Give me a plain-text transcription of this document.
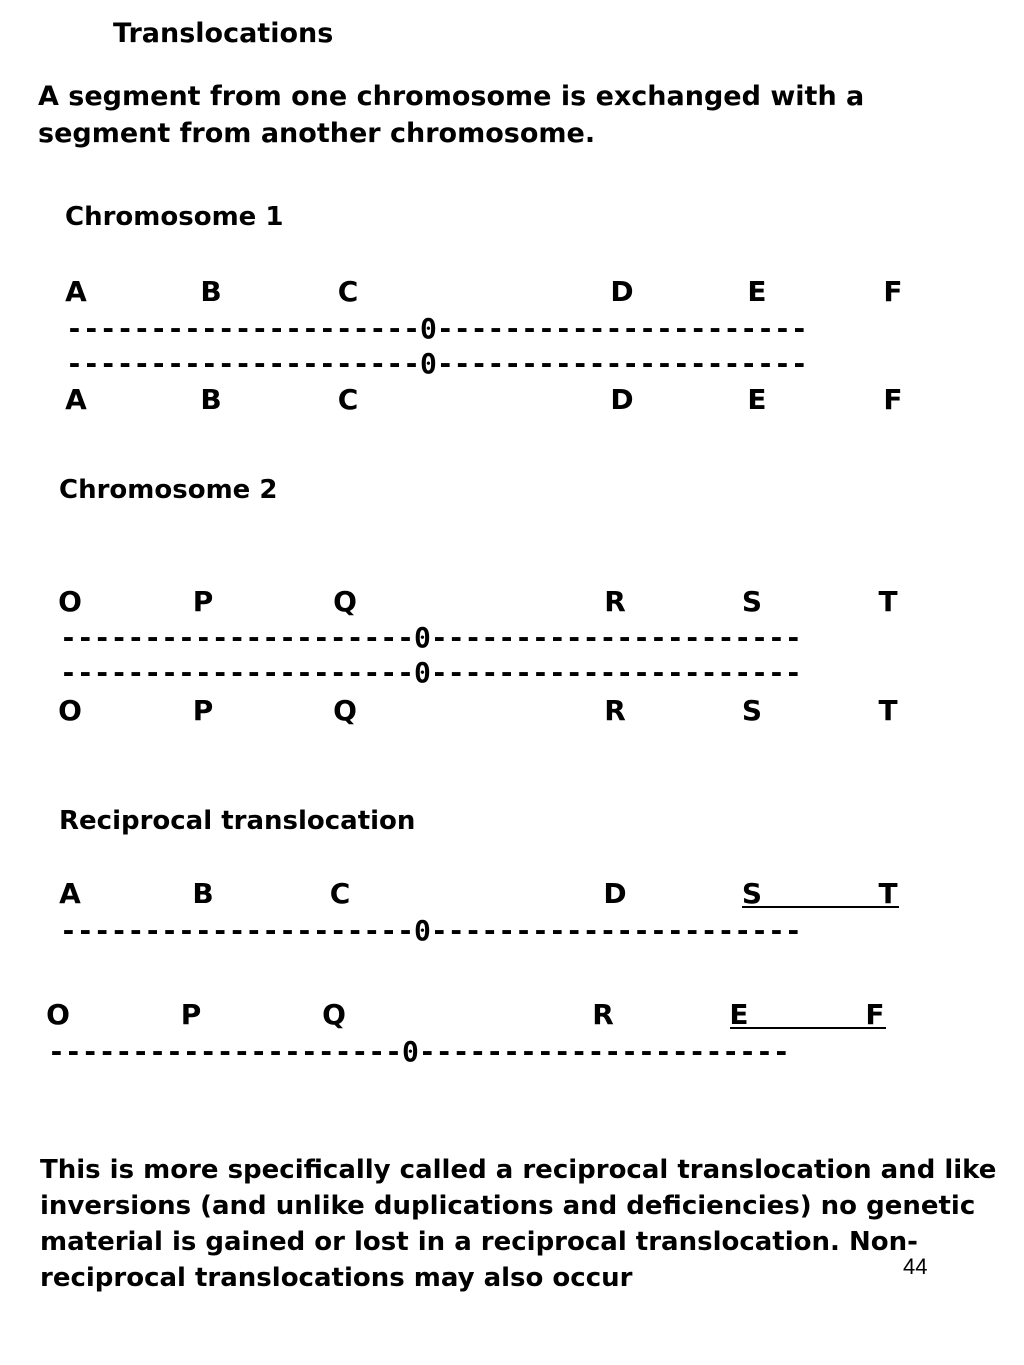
Translocations
A segment from one chromosome is exchanged with a segment from another chromosome.
Chromosome 1
A	B	C	D	E	F
---------------------0----------------------
---------------------0----------------------
A	B	C	D	E	F
Chromosome 2
O	P	Q	R	S	T
---------------------0----------------------
---------------------0----------------------
O	P	Q	R	S	T
Reciprocal translocation
A	B	C	D	S	T
---------------------0----------------------
O	P	Q	R	E	F
---------------------0----------------------
This is more specifically called a reciprocal translocation and like inversions (and unlike duplications and deficiencies) no genetic material is gained or lost in a reciprocal translocation. Non-reciprocal translocations may also occur	44
